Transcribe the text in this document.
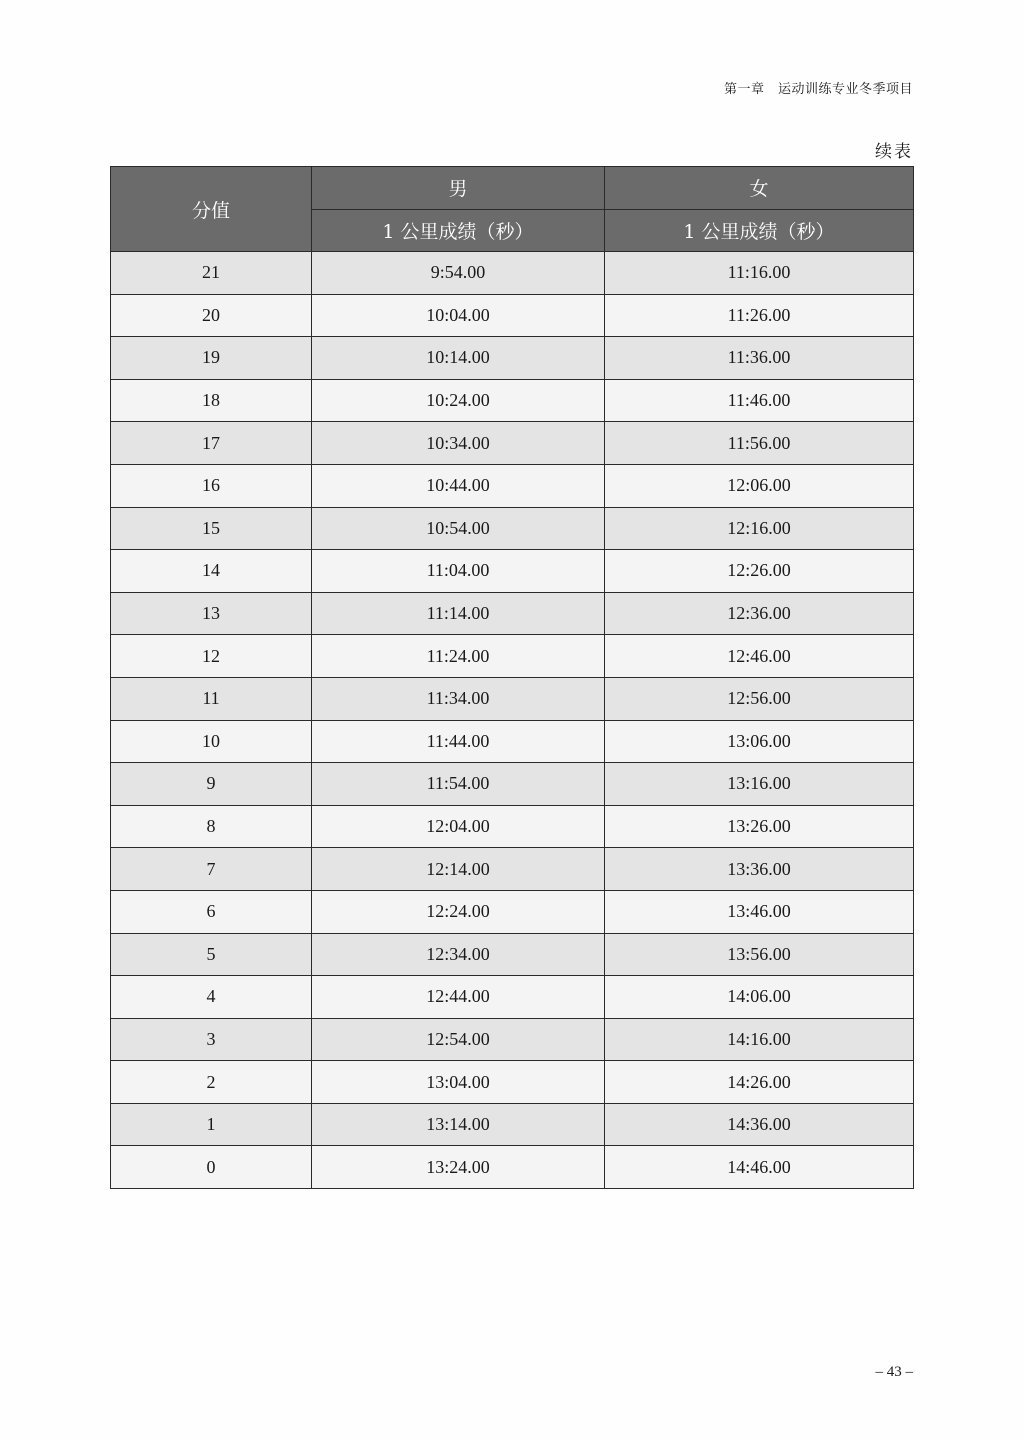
第一章　运动训练专业冬季项目
续表
分值	男	女
	1 公里成绩（秒）	1 公里成绩（秒）
21	9:54.00	11:16.00
20	10:04.00	11:26.00
19	10:14.00	11:36.00
18	10:24.00	11:46.00
17	10:34.00	11:56.00
16	10:44.00	12:06.00
15	10:54.00	12:16.00
14	11:04.00	12:26.00
13	11:14.00	12:36.00
12	11:24.00	12:46.00
11	11:34.00	12:56.00
10	11:44.00	13:06.00
9	11:54.00	13:16.00
8	12:04.00	13:26.00
7	12:14.00	13:36.00
6	12:24.00	13:46.00
5	12:34.00	13:56.00
4	12:44.00	14:06.00
3	12:54.00	14:16.00
2	13:04.00	14:26.00
1	13:14.00	14:36.00
0	13:24.00	14:46.00
– 43 –
